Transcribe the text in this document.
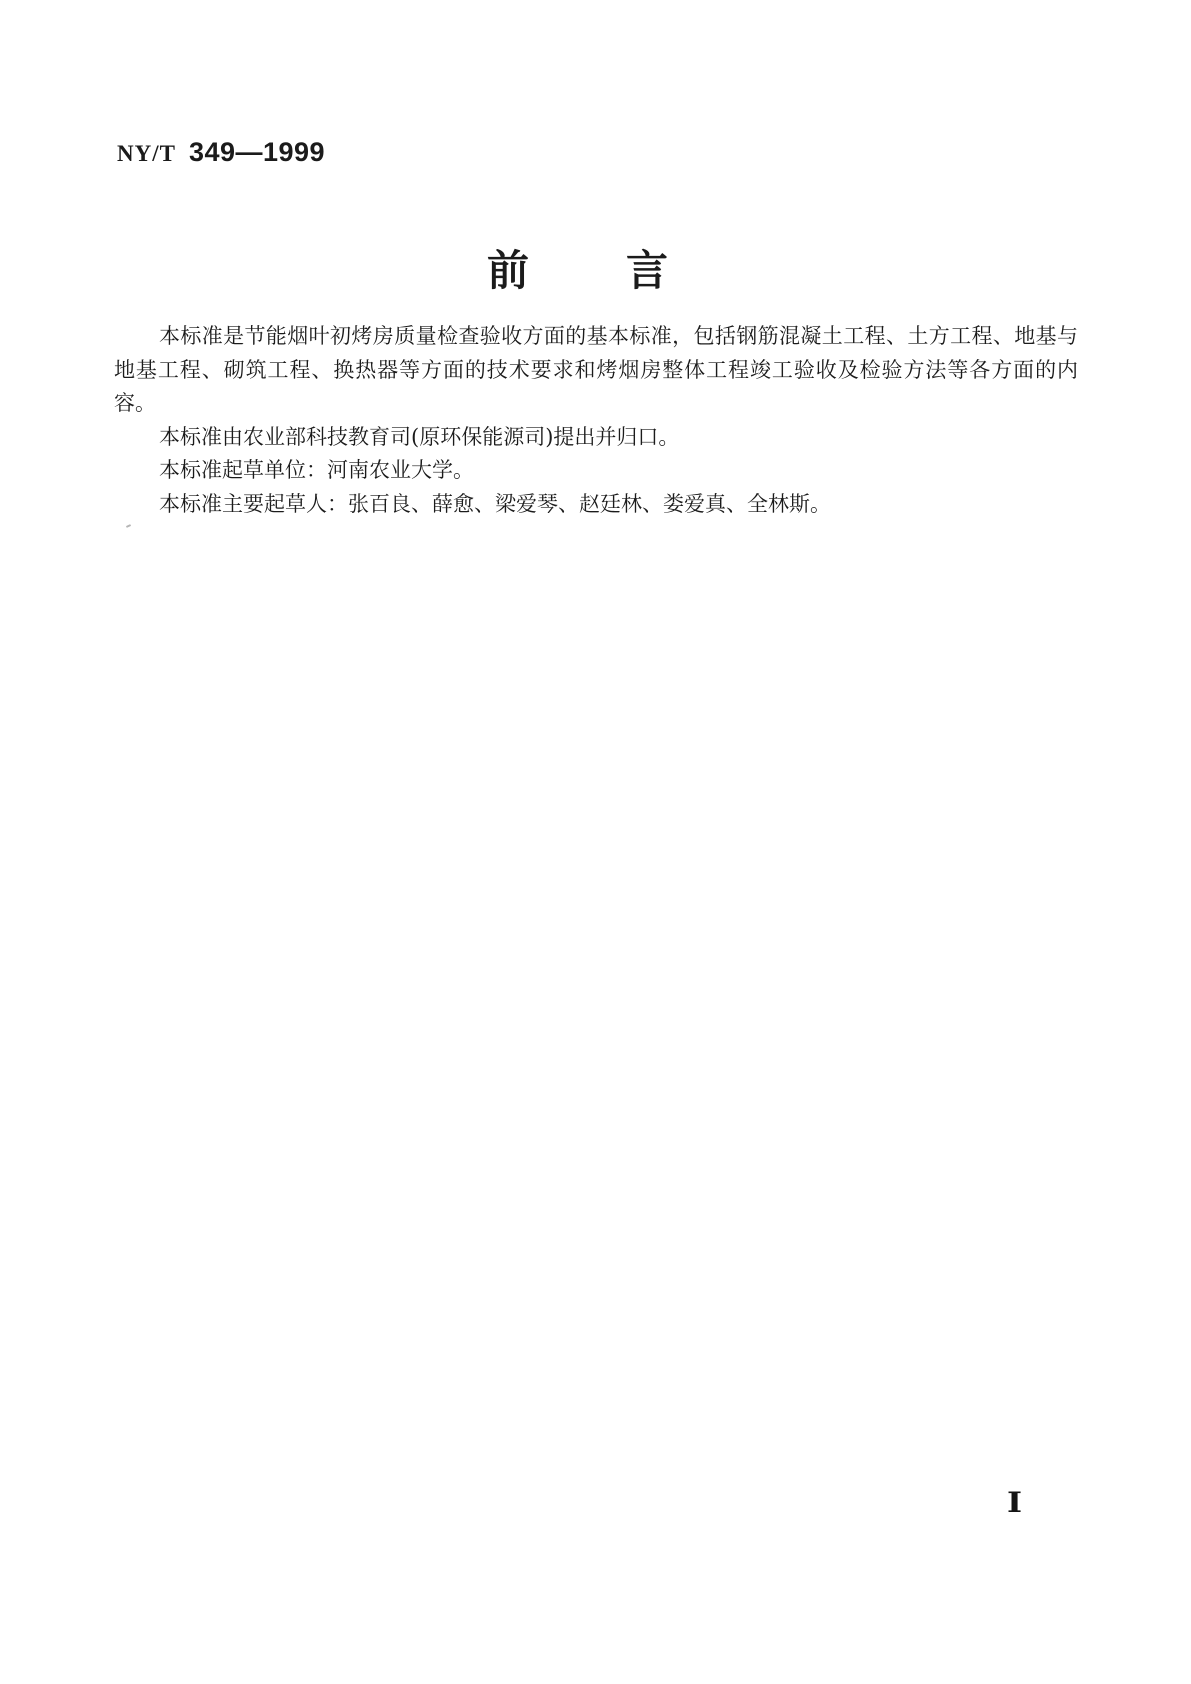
NY/T 349—1999
前 言
本标准是节能烟叶初烤房质量检查验收方面的基本标准，包括钢筋混凝土工程、土方工程、地基与
地基工程、砌筑工程、换热器等方面的技术要求和烤烟房整体工程竣工验收及检验方法等各方面的内
容。
本标准由农业部科技教育司(原环保能源司)提出并归口。
本标准起草单位：河南农业大学。
本标准主要起草人：张百良、薛愈、梁爱琴、赵廷林、娄爱真、全林斯。
I
